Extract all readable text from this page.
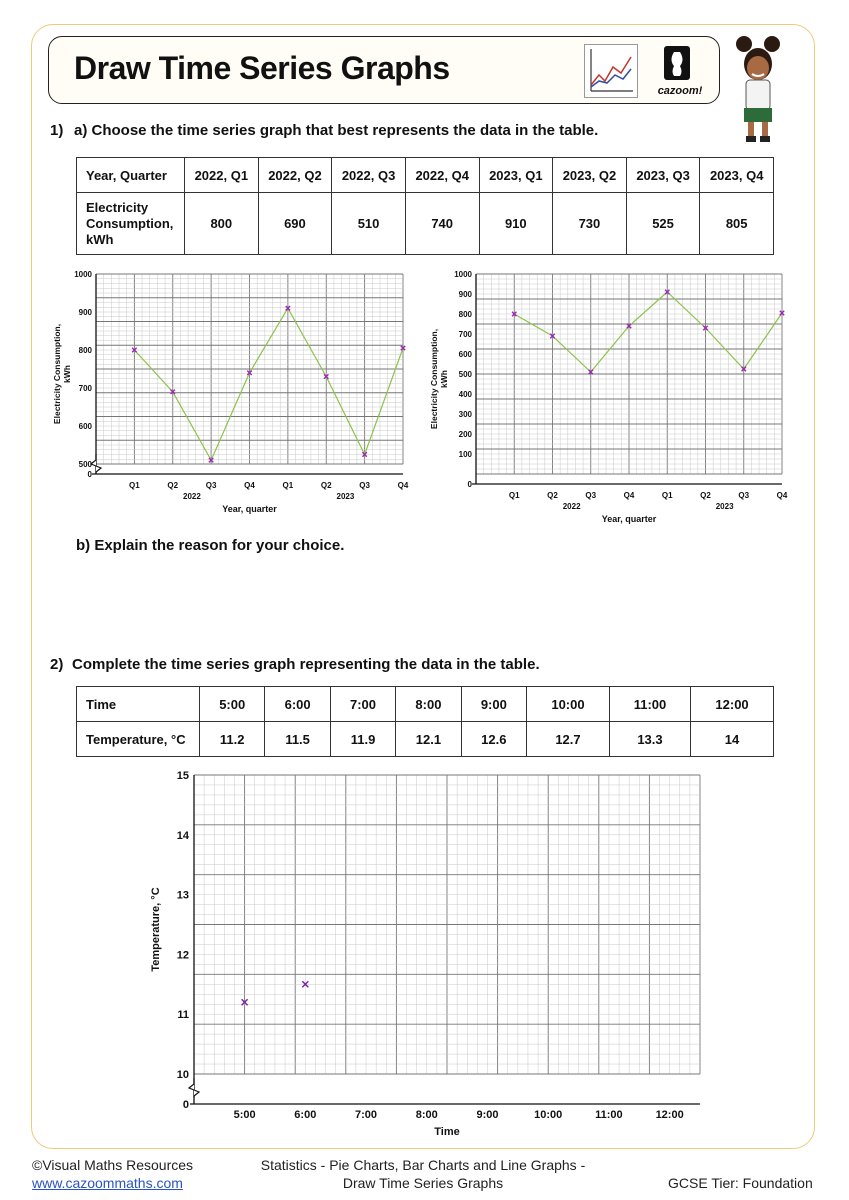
Draw Time Series Graphs
cazoom!
1) a) Choose the time series graph that best represents the data in the table.
Year, Quarter	2022, Q1	2022, Q2	2022, Q3	2022, Q4	2023, Q1	2023, Q2	2023, Q3	2023, Q4
Electricity
Consumption,
kWh	800	690	510	740	910	730	525	805
0
500
600
700
800
900
1000
Q1	Q2	Q3	Q4	Q1	Q2	Q3	Q4
2022	2023
Year, quarter
Electricity Consumption, kWh
0
100
200
300
400
500
600
700
800
900
1000
Q1	Q2	Q3	Q4	Q1	Q2	Q3	Q4
2022	2023
Year, quarter
Electricity Consumption, kWh
b) Explain the reason for your choice.
2) Complete the time series graph representing the data in the table.
Time	5:00	6:00	7:00	8:00	9:00	10:00	11:00	12:00
Temperature, °C	11.2	11.5	11.9	12.1	12.6	12.7	13.3	14
0
10
11
12
13
14
15
5:00	6:00	7:00	8:00	9:00	10:00	11:00	12:00
Time
Temperature, °C
©Visual Maths Resources
www.cazoommaths.com
Statistics - Pie Charts, Bar Charts and Line Graphs -
Draw Time Series Graphs	GCSE Tier: Foundation
